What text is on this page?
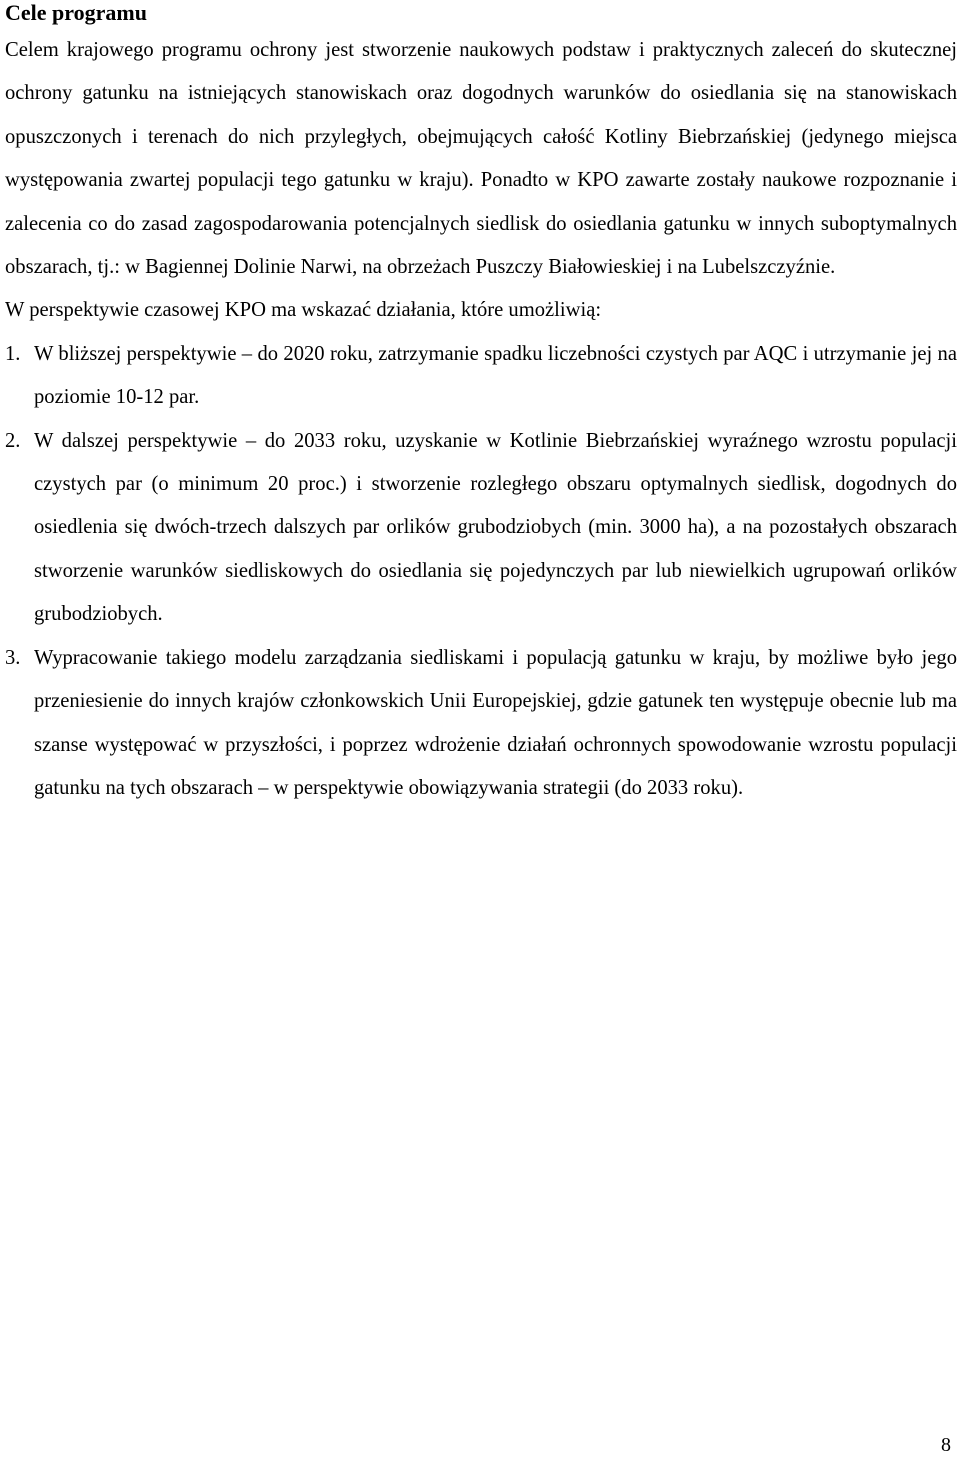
Cele programu

Celem krajowego programu ochrony jest stworzenie naukowych podstaw i praktycznych zaleceń do skutecznej ochrony gatunku na istniejących stanowiskach oraz dogodnych warunków do osiedlania się na stanowiskach opuszczonych i terenach do nich przyległych, obejmujących całość Kotliny Biebrzańskiej (jedynego miejsca występowania zwartej populacji tego gatunku w kraju). Ponadto w KPO zawarte zostały naukowe rozpoznanie i zalecenia co do zasad zagospodarowania potencjalnych siedlisk do osiedlania gatunku w innych suboptymalnych obszarach, tj.: w Bagiennej Dolinie Narwi, na obrzeżach Puszczy Białowieskiej i na Lubelszczyźnie.

W perspektywie czasowej KPO ma wskazać działania, które umożliwią:

1. W bliższej perspektywie – do 2020 roku, zatrzymanie spadku liczebności czystych par AQC i utrzymanie jej na poziomie 10-12 par.
2. W dalszej perspektywie – do 2033 roku, uzyskanie w Kotlinie Biebrzańskiej wyraźnego wzrostu populacji czystych par (o minimum 20 proc.) i stworzenie rozległego obszaru optymalnych siedlisk, dogodnych do osiedlenia się dwóch-trzech dalszych par orlików grubodziobych (min. 3000 ha), a na pozostałych obszarach stworzenie warunków siedliskowych do osiedlania się pojedynczych par lub niewielkich ugrupowań orlików grubodziobych.
3. Wypracowanie takiego modelu zarządzania siedliskami i populacją gatunku w kraju, by możliwe było jego przeniesienie do innych krajów członkowskich Unii Europejskiej, gdzie gatunek ten występuje obecnie lub ma szanse występować w przyszłości, i poprzez wdrożenie działań ochronnych spowodowanie wzrostu populacji gatunku na tych obszarach – w perspektywie obowiązywania strategii (do 2033 roku).
8
